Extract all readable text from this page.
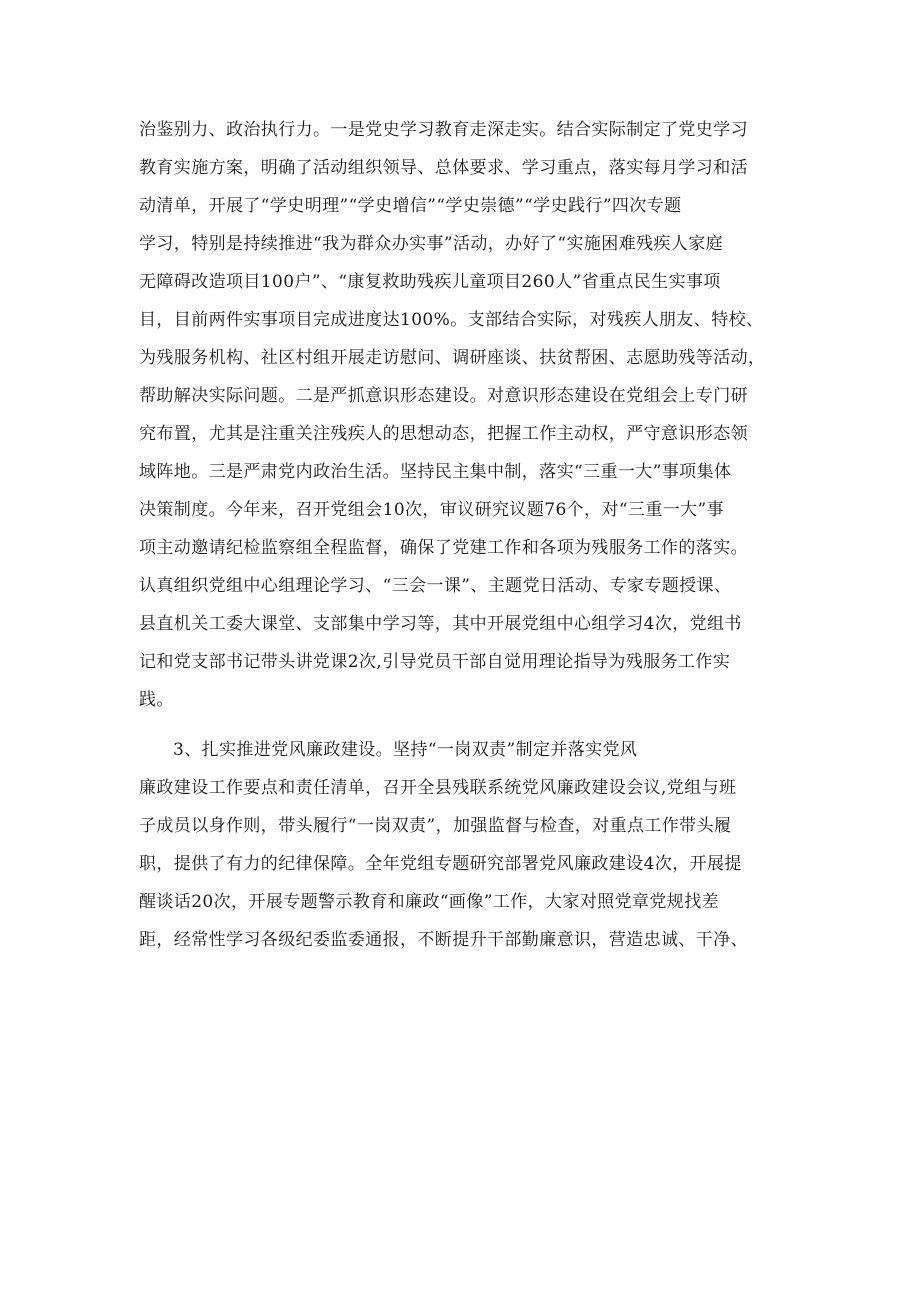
治鉴别力、政治执行力。一是党史学习教育走深走实。结合实际制定了党史学习
教育实施方案，明确了活动组织领导、总体要求、学习重点，落实每月学习和活
动清单，开展了“学史明理”“学史增信”“学史崇德”“学史践行”四次专题
学习，特别是持续推进“我为群众办实事”活动，办好了“实施困难残疾人家庭
无障碍改造项目100户”、“康复救助残疾儿童项目260人”省重点民生实事项
目，目前两件实事项目完成进度达100%。支部结合实际，对残疾人朋友、特校、
为残服务机构、社区村组开展走访慰问、调研座谈、扶贫帮困、志愿助残等活动，
帮助解决实际问题。二是严抓意识形态建设。对意识形态建设在党组会上专门研
究布置，尤其是注重关注残疾人的思想动态，把握工作主动权，严守意识形态领
域阵地。三是严肃党内政治生活。坚持民主集中制，落实“三重一大”事项集体
决策制度。今年来，召开党组会10次，审议研究议题76个，对“三重一大”事
项主动邀请纪检监察组全程监督，确保了党建工作和各项为残服务工作的落实。
认真组织党组中心组理论学习、“三会一课”、主题党日活动、专家专题授课、
县直机关工委大课堂、支部集中学习等，其中开展党组中心组学习4次，党组书
记和党支部书记带头讲党课2次,引导党员干部自觉用理论指导为残服务工作实
践。
3、扎实推进党风廉政建设。坚持“一岗双责”制定并落实党风
廉政建设工作要点和责任清单，召开全县残联系统党风廉政建设会议,党组与班
子成员以身作则，带头履行“一岗双责”，加强监督与检查，对重点工作带头履
职，提供了有力的纪律保障。全年党组专题研究部署党风廉政建设4次，开展提
醒谈话20次，开展专题警示教育和廉政“画像”工作，大家对照党章党规找差
距，经常性学习各级纪委监委通报，不断提升干部勤廉意识，营造忠诚、干净、
